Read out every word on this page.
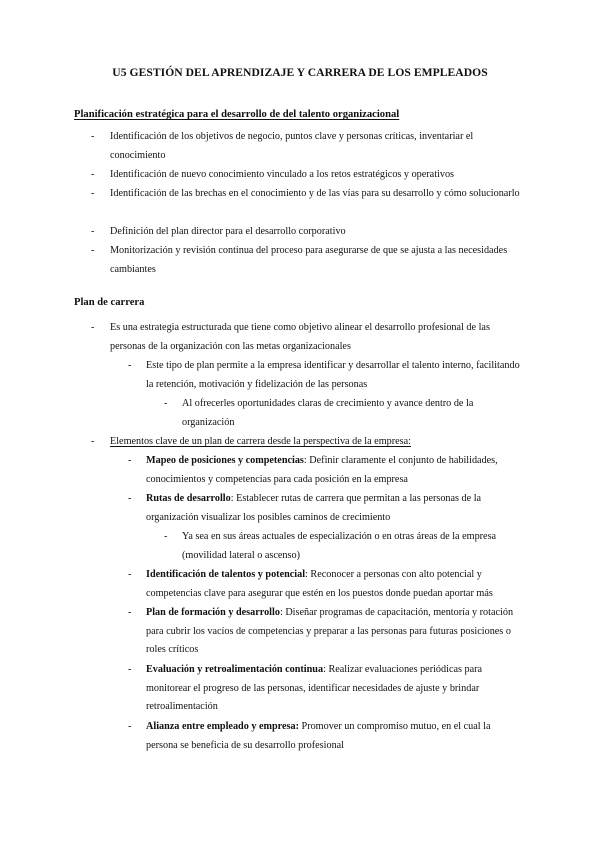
U5 GESTIÓN DEL APRENDIZAJE Y CARRERA DE LOS EMPLEADOS
Planificación estratégica para el desarrollo de del talento organizacional
- Identificación de los objetivos de negocio, puntos clave y personas críticas, inventariar el conocimiento
- Identificación de nuevo conocimiento vinculado a los retos estratégicos y operativos
- Identificación de las brechas en el conocimiento y de las vías para su desarrollo y cómo solucionarlo
- Definición del plan director para el desarrollo corporativo
- Monitorización y revisión continua del proceso para asegurarse de que se ajusta a las necesidades cambiantes
Plan de carrera
- Es una estrategia estructurada que tiene como objetivo alinear el desarrollo profesional de las personas de la organización con las metas organizacionales
- Este tipo de plan permite a la empresa identificar y desarrollar el talento interno, facilitando la retención, motivación y fidelización de las personas
- Al ofrecerles oportunidades claras de crecimiento y avance dentro de la organización
- Elementos clave de un plan de carrera desde la perspectiva de la empresa:
- Mapeo de posiciones y competencias: Definir claramente el conjunto de habilidades, conocimientos y competencias para cada posición en la empresa
- Rutas de desarrollo: Establecer rutas de carrera que permitan a las personas de la organización visualizar los posibles caminos de crecimiento
- Ya sea en sus áreas actuales de especialización o en otras áreas de la empresa (movilidad lateral o ascenso)
- Identificación de talentos y potencial: Reconocer a personas con alto potencial y competencias clave para asegurar que estén en los puestos donde puedan aportar más
- Plan de formación y desarrollo: Diseñar programas de capacitación, mentoría y rotación para cubrir los vacíos de competencias y preparar a las personas para futuras posiciones o roles críticos
- Evaluación y retroalimentación continua: Realizar evaluaciones periódicas para monitorear el progreso de las personas, identificar necesidades de ajuste y brindar retroalimentación
- Alianza entre empleado y empresa: Promover un compromiso mutuo, en el cual la persona se beneficia de su desarrollo profesional
